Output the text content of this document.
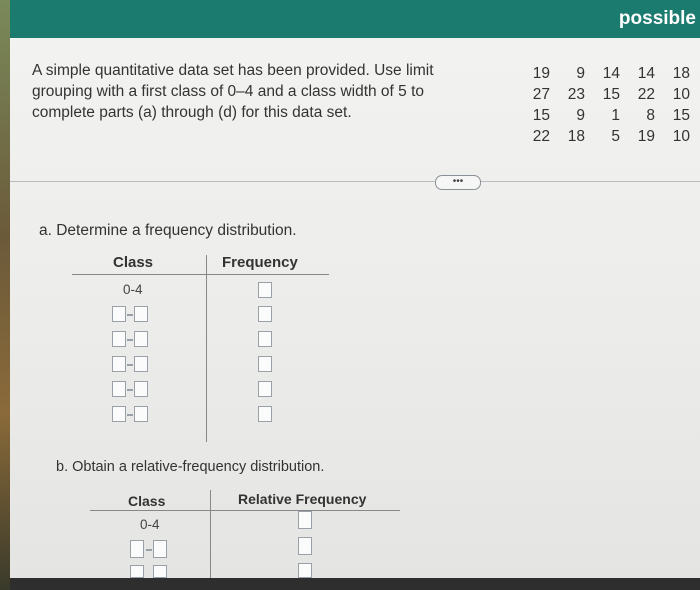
possible
A simple quantitative data set has been provided. Use limit grouping with a first class of 0–4 and a class width of 5 to complete parts (a) through (d) for this data set.
19	9	14	14	18
27	23	15	22	10
15	9	1	8	15
22	18	5	19	10
•••
a. Determine a frequency distribution.
Class	Frequency
0-4
b. Obtain a relative-frequency distribution.
Class	Relative Frequency
0-4
